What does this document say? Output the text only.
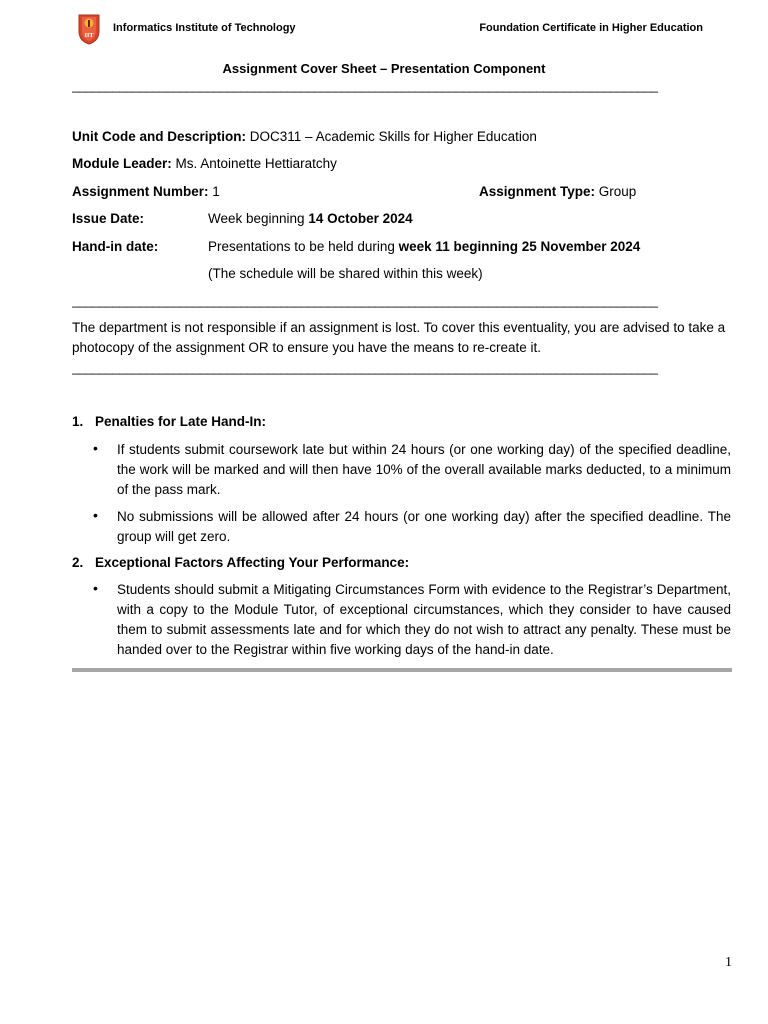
IIT
Informatics Institute of Technology	Foundation Certificate in Higher Education
Assignment Cover Sheet – Presentation Component
_______________________________________________________________________________________
Unit Code and Description: DOC311 – Academic Skills for Higher Education
Module Leader: Ms. Antoinette Hettiaratchy
Assignment Number: 1	Assignment Type: Group
Issue Date:	Week beginning 14 October 2024
Hand-in date:	Presentations to be held during week 11 beginning 25 November 2024
(The schedule will be shared within this week)
_______________________________________________________________________________________
The department is not responsible if an assignment is lost. To cover this eventuality, you are advised to take a photocopy of the assignment OR to ensure you have the means to re-create it.
_______________________________________________________________________________________
1. Penalties for Late Hand-In:
• If students submit coursework late but within 24 hours (or one working day) of the specified deadline, the work will be marked and will then have 10% of the overall available marks deducted, to a minimum of the pass mark.
• No submissions will be allowed after 24 hours (or one working day) after the specified deadline. The group will get zero.
2. Exceptional Factors Affecting Your Performance:
• Students should submit a Mitigating Circumstances Form with evidence to the Registrar’s Department, with a copy to the Module Tutor, of exceptional circumstances, which they consider to have caused them to submit assessments late and for which they do not wish to attract any penalty. These must be handed over to the Registrar within five working days of the hand-in date.
1
